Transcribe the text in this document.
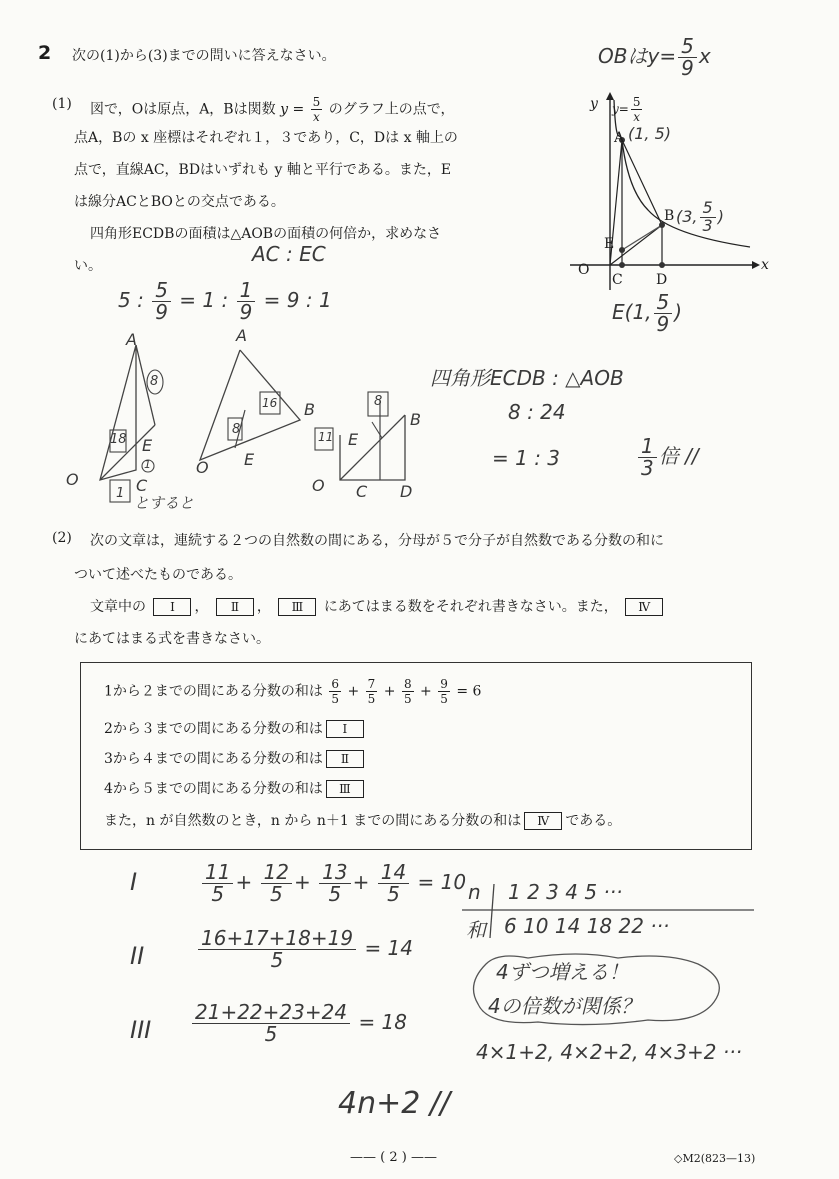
2 次の(1)から(3)までの問いに答えなさい。	OBは$y= \frac{5}{9}$ x
(1) 図で，Oは原点，A，Bは関数 $y = \frac{5}{x}$ のグラフ上の点で，
点A，Bの x 座標はそれぞれ１，３であり，C，Dは x 軸上の
点で，直線AC，BDはいずれも y 軸と平行である。また，E
は線分ACとBOとの交点である。
四角形ECDBの面積は△AOBの面積の何倍か，求めなさ
い。
y
x
$y= \frac{5}{x}$
O
A
B
C D
E
(1, 5)
(3, $\frac{5}{3}$ )
E(1, $\frac{5}{9}$ )
AC : EC
5 : $\frac{5}{9} = 1$ : $\frac{1}{9} = 9$ : 1
A
8
18 E
1
O	C
1
とすると
A
16
8
B
E
O
8
B
11 E
O C D
四角形ECDB : △AOB
8 : 24
= 1 : 3	$\frac{1}{3}$ 倍 //
(2) 次の文章は，連続する２つの自然数の間にある，分母が５で分子が自然数である分数の和に
ついて述べたものである。
文章中の Ⅰ ， Ⅱ ， Ⅲ にあてはまる数をそれぞれ書きなさい。また， Ⅳ
にあてはまる式を書きなさい。
1から２までの間にある分数の和は $\frac{6}{5} + \frac{7}{5} + \frac{8}{5} + \frac{9}{5} = 6$
2から３までの間にある分数の和は Ⅰ
3から４までの間にある分数の和は Ⅱ
4から５までの間にある分数の和は Ⅲ
また，n が自然数のとき，n から n＋1 までの間にある分数の和は Ⅳ である。
I	$\frac{11}{5} + \frac{12}{5} + \frac{13}{5} + \frac{14}{5} = 10$
II	$\frac{16+17+18+19}{5} = 14$
III $\frac{21+22+23+24}{5} = 18$
n 1 2 3 4 5 ···
和 6 10 14 18 22 ···
4ずつ増える！
4の倍数が関係？
4×1+2, 4×2+2, 4×3+2 ···
4n+2 //
—— ( 2 ) ——	◇M2(823—13)
